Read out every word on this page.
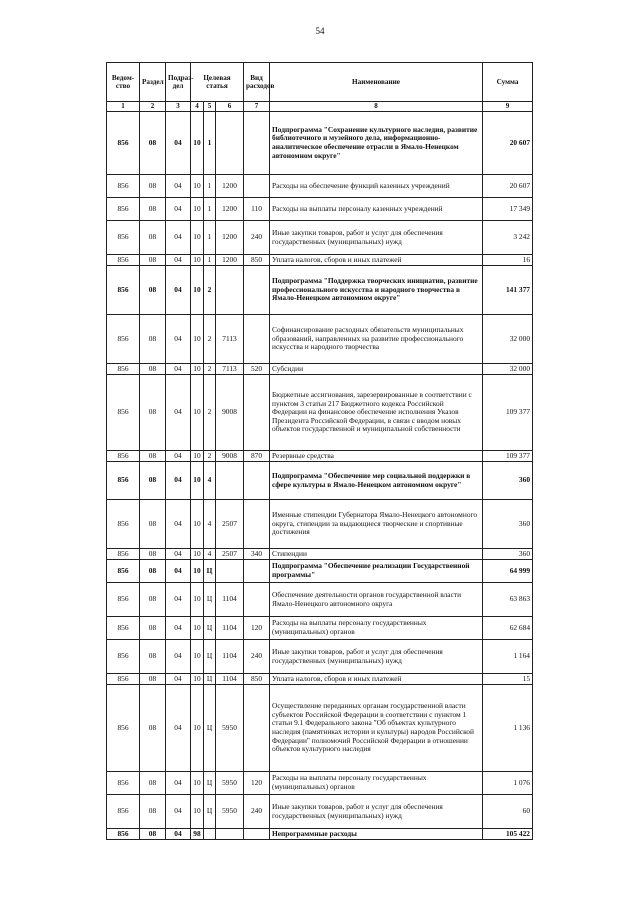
54
Ведом-ство	Раздел	Подраз-дел	Целевая статья			Вид расходов	Наименование	Сумма
1	2	3	4	5	6	7	8	9
856	08	04	10	1			Подпрограмма "Сохранение культурного наследия, развитие библиотечного и музейного дела, информационно-аналитическое обеспечение отрасли в Ямало-Ненецком автономном округе"	20 607
856	08	04	10	1	1200		Расходы на обеспечение функций казенных учреждений	20 607
856	08	04	10	1	1200	110	Расходы на выплаты персоналу казенных учреждений	17 349
856	08	04	10	1	1200	240	Иные закупки товаров, работ и услуг для обеспечения государственных (муниципальных) нужд	3 242
856	08	04	10	1	1200	850	Уплата налогов, сборов и иных платежей	16
856	08	04	10	2			Подпрограмма "Поддержка творческих инициатив, развитие профессионального искусства и народного творчества в Ямало-Ненецком автономном округе"	141 377
856	08	04	10	2	7113		Софинансирование расходных обязательств муниципальных образований, направленных на развитие профессионального искусства и народного творчества	32 000
856	08	04	10	2	7113	520	Субсидии	32 000
856	08	04	10	2	9008		Бюджетные ассигнования, зарезервированные в соответствии с пунктом 3 статьи 217 Бюджетного кодекса Российской Федерации на финансовое обеспечение исполнения Указов Президента Российской Федерации, в связи с вводом новых объектов государственной и муниципальной собственности	109 377
856	08	04	10	2	9008	870	Резервные средства	109 377
856	08	04	10	4			Подпрограмма "Обеспечение мер социальной поддержки в сфере культуры в Ямало-Ненецком автономном округе"	360
856	08	04	10	4	2507		Именные стипендии Губернатора Ямало-Ненецкого автономного округа, стипендии за выдающиеся творческие и спортивные достижения	360
856	08	04	10	4	2507	340	Стипендии	360
856	08	04	10	Ц			Подпрограмма "Обеспечение реализации Государственной программы"	64 999
856	08	04	10	Ц	1104		Обеспечение деятельности органов государственной власти Ямало-Ненецкого автономного округа	63 863
856	08	04	10	Ц	1104	120	Расходы на выплаты персоналу государственных (муниципальных) органов	62 684
856	08	04	10	Ц	1104	240	Иные закупки товаров, работ и услуг для обеспечения государственных (муниципальных) нужд	1 164
856	08	04	10	Ц	1104	850	Уплата налогов, сборов и иных платежей	15
856	08	04	10	Ц	5950		Осуществление переданных органам государственной власти субъектов Российской Федерации в соответствии с пунктом 1 статьи 9.1 Федерального закона "Об объектах культурного наследия (памятниках истории и культуры) народов Российской Федерации" полномочий Российской Федерации в отношении объектов культурного наследия	1 136
856	08	04	10	Ц	5950	120	Расходы на выплаты персоналу государственных (муниципальных) органов	1 076
856	08	04	10	Ц	5950	240	Иные закупки товаров, работ и услуг для обеспечения государственных (муниципальных) нужд	60
856	08	04	98				Непрограммные расходы	105 422
